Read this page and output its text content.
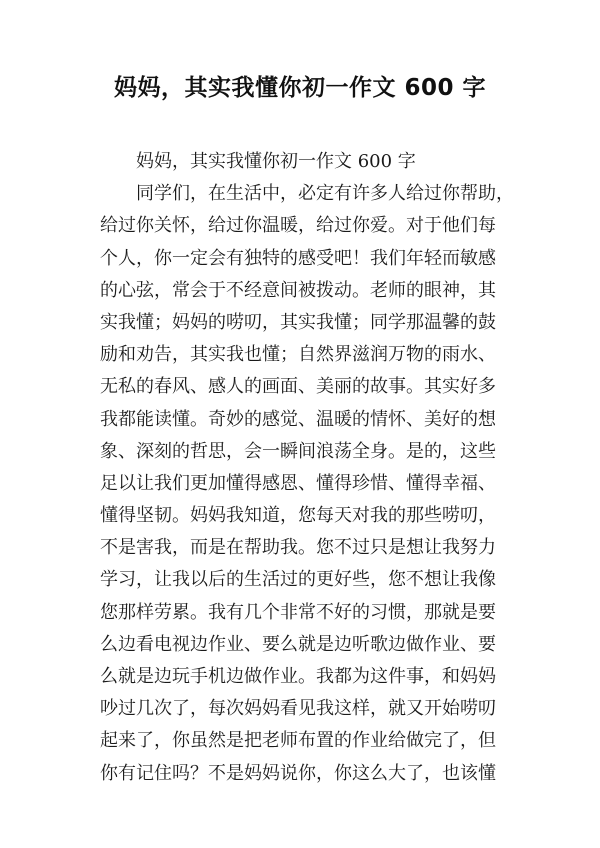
妈妈，其实我懂你初一作文 600 字
妈妈，其实我懂你初一作文 600 字
同学们，在生活中，必定有许多人给过你帮助，
给过你关怀，给过你温暖，给过你爱。对于他们每
个人，你一定会有独特的感受吧！我们年轻而敏感
的心弦，常会于不经意间被拨动。老师的眼神，其
实我懂；妈妈的唠叨，其实我懂；同学那温馨的鼓
励和劝告，其实我也懂；自然界滋润万物的雨水、
无私的春风、感人的画面、美丽的故事。其实好多
我都能读懂。奇妙的感觉、温暖的情怀、美好的想
象、深刻的哲思，会一瞬间浪荡全身。是的，这些
足以让我们更加懂得感恩、懂得珍惜、懂得幸福、
懂得坚韧。妈妈我知道，您每天对我的那些唠叨，
不是害我，而是在帮助我。您不过只是想让我努力
学习，让我以后的生活过的更好些，您不想让我像
您那样劳累。我有几个非常不好的习惯，那就是要
么边看电视边作业、要么就是边听歌边做作业、要
么就是边玩手机边做作业。我都为这件事，和妈妈
吵过几次了，每次妈妈看见我这样，就又开始唠叨
起来了，你虽然是把老师布置的作业给做完了，但
你有记住吗？不是妈妈说你，你这么大了，也该懂
